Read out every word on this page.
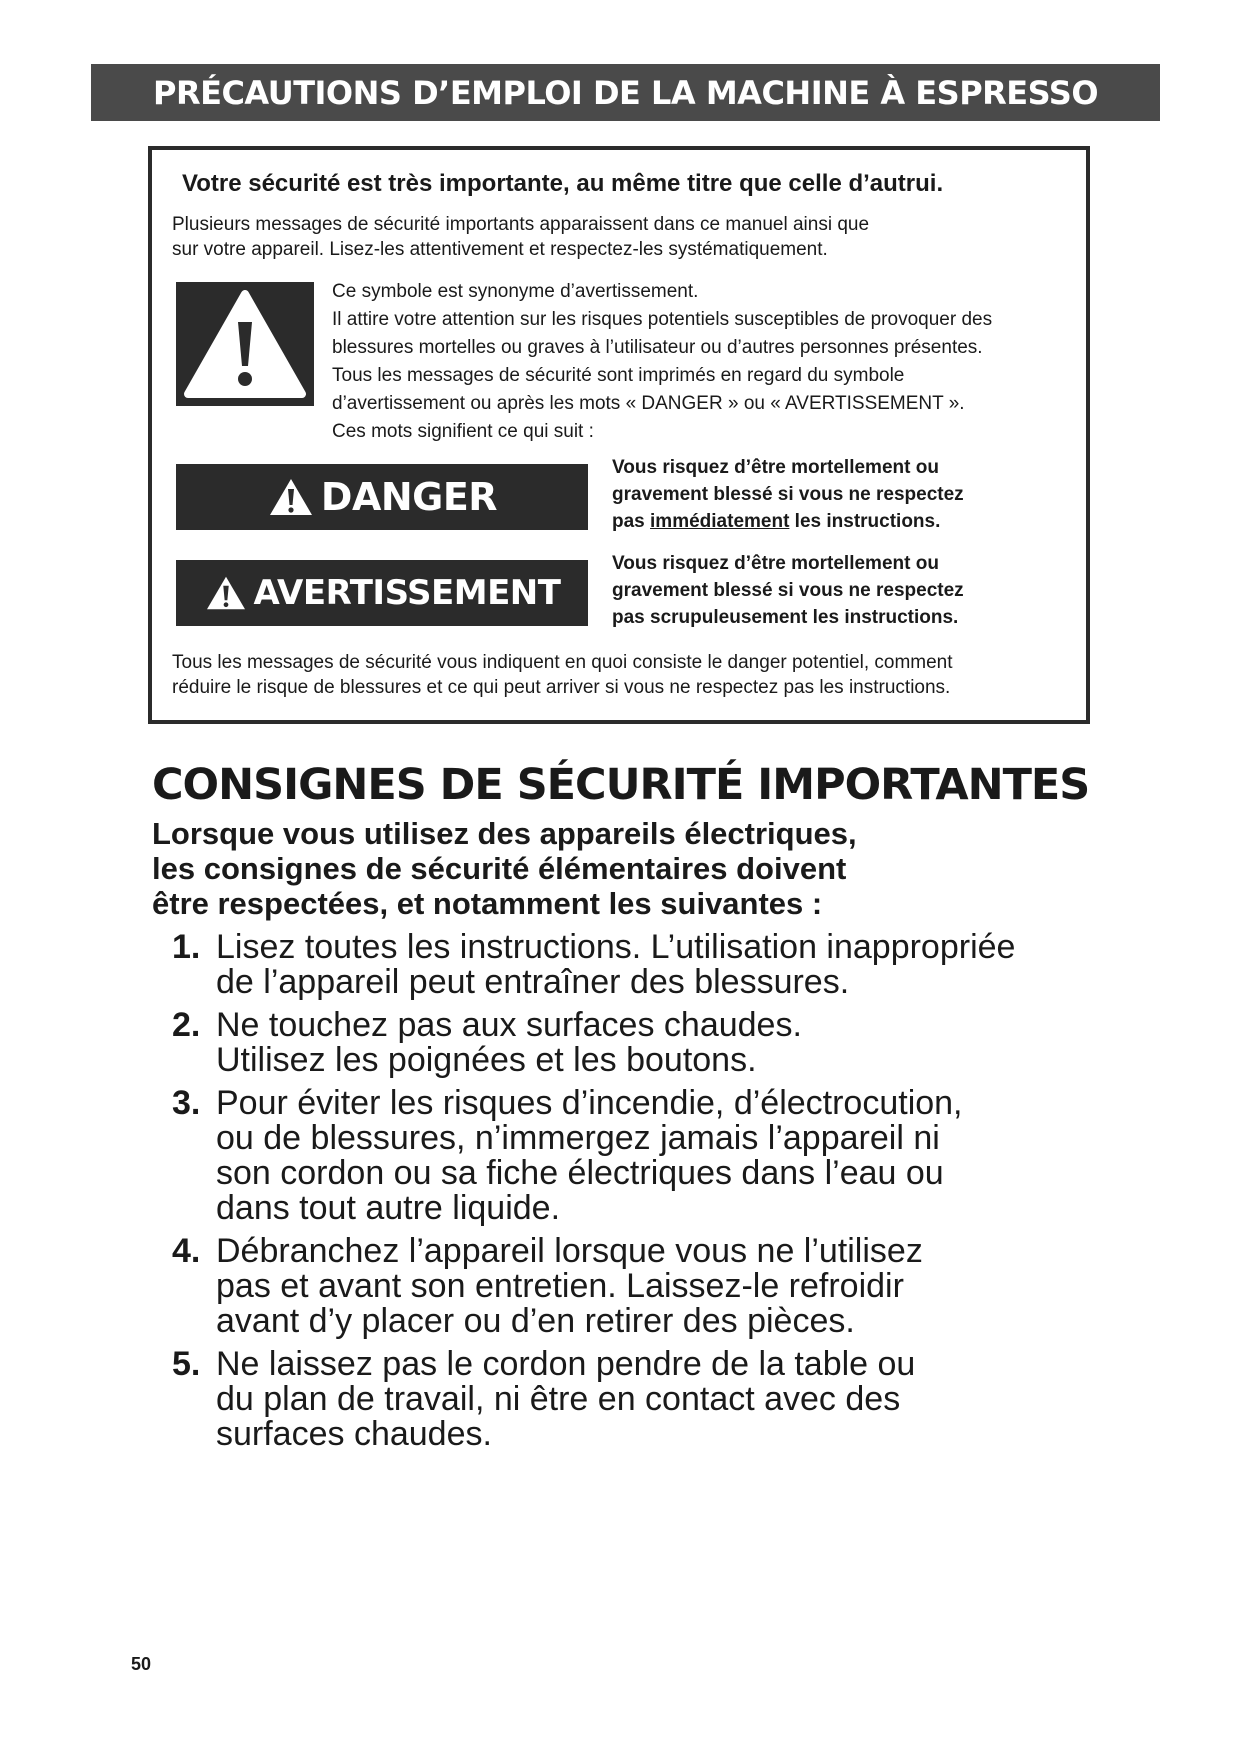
PRÉCAUTIONS D’EMPLOI DE LA MACHINE À ESPRESSO
Votre sécurité est très importante, au même titre que celle d’autrui.
Plusieurs messages de sécurité importants apparaissent dans ce manuel ainsi que
sur votre appareil. Lisez-les attentivement et respectez-les systématiquement.

Ce symbole est synonyme d’avertissement.

Il attire votre attention sur les risques potentiels susceptibles de provoquer des

blessures mortelles ou graves à l’utilisateur ou d’autres personnes présentes.

Tous les messages de sécurité sont imprimés en regard du symbole

d’avertissement ou après les mots « DANGER » ou « AVERTISSEMENT ».

Ces mots signifient ce qui suit :

DANGER

Vous risquez d’être mortellement ou

gravement blessé si vous ne respectez

pas immédiatement les instructions.

AVERTISSEMENT

Vous risquez d’être mortellement ou

gravement blessé si vous ne respectez

pas scrupuleusement les instructions.

Tous les messages de sécurité vous indiquent en quoi consiste le danger potentiel, comment
réduire le risque de blessures et ce qui peut arriver si vous ne respectez pas les instructions.
CONSIGNES DE SÉCURITÉ IMPORTANTES

Lorsque vous utilisez des appareils électriques,

les consignes de sécurité élémentaires doivent

être respectées, et notamment les suivantes :

1. Lisez toutes les instructions. L’utilisation inappropriée
de l’appareil peut entraîner des blessures.
2. Ne touchez pas aux surfaces chaudes.
Utilisez les poignées et les boutons.
3. Pour éviter les risques d’incendie, d’électrocution,
ou de blessures, n’immergez jamais l’appareil ni
son cordon ou sa fiche électriques dans l’eau ou
dans tout autre liquide.
4. Débranchez l’appareil lorsque vous ne l’utilisez
pas et avant son entretien. Laissez-le refroidir
avant d’y placer ou d’en retirer des pièces.
5. Ne laissez pas le cordon pendre de la table ou
du plan de travail, ni être en contact avec des
surfaces chaudes.
50
